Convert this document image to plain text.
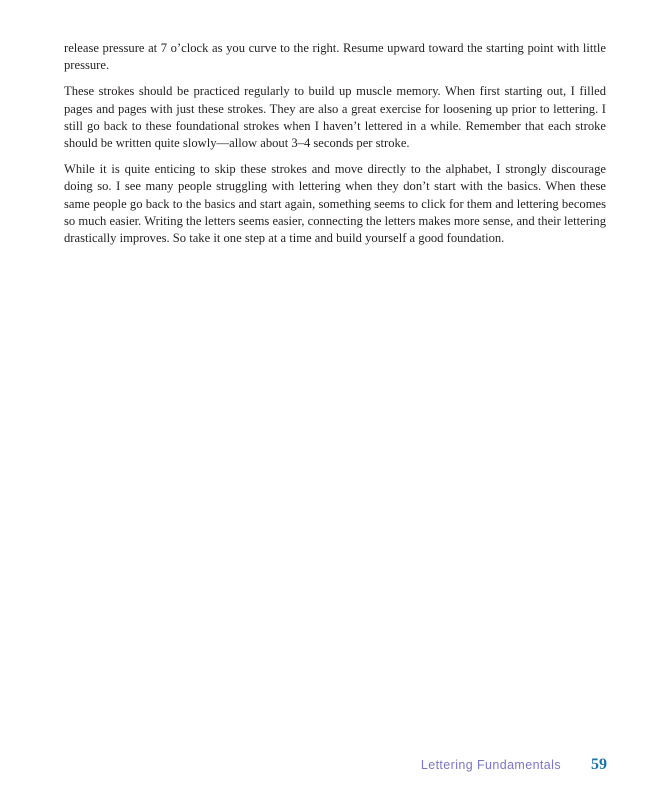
release pressure at 7 o’clock as you curve to the right. Resume upward toward the starting point with little pressure.

These strokes should be practiced regularly to build up muscle memory. When first starting out, I filled pages and pages with just these strokes. They are also a great exercise for loosening up prior to lettering. I still go back to these foundational strokes when I haven’t lettered in a while. Remember that each stroke should be written quite slowly—allow about 3–4 seconds per stroke.

While it is quite enticing to skip these strokes and move directly to the alphabet, I strongly discourage doing so. I see many people struggling with lettering when they don’t start with the basics. When these same people go back to the basics and start again, something seems to click for them and lettering becomes so much easier. Writing the letters seems easier, connecting the letters makes more sense, and their lettering drastically improves. So take it one step at a time and build yourself a good foundation.

Lettering Fundamentals 59
